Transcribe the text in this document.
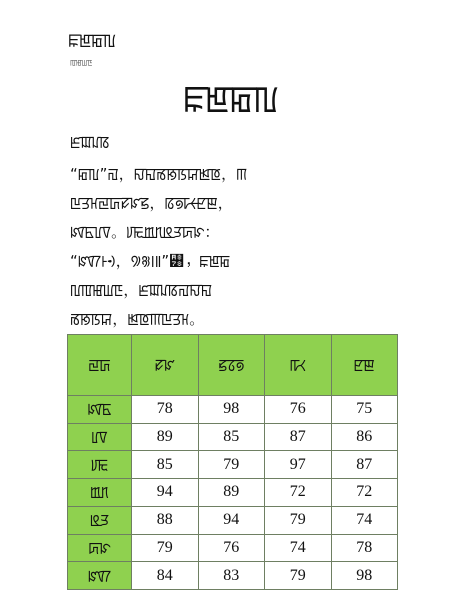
ꡀꡁꡂꡃ
ꡄꡅꡆꡇ
ꡀꡁꡂꡃ

ꡈꡉꡊꡋ

“ꡂꡃ”ꡌ，ꡍꡎꡏꡐꡑꡒꡓꡔ，ꡕ

ꡖꡗꡘꡙꡚꡛꡜꡝ，ꡞꡟꡠꡡꡢꡣ，

ꡤꡥꡦꡧ。ꡨꡩꡪꡫꡬꡭꡮꡯ：

“ꡰꡱꡲꡳ，꡴꡵꡶꡷”꡸，ꡀꡁꡂ

ꡃꡄꡅꡆꡇ，ꡈꡉꡊꡋꡌꡍꡎ

ꡏꡐꡑꡒ，ꡓꡔꡕꡖꡗꡘ。

ꡙꡚ	ꡛꡜ	ꡝꡞꡟ	ꡠꡡ	ꡢꡣ
ꡤꡥ	78	98	76	75
ꡦꡧ	89	85	87	86
ꡨꡩ	85	79	97	87
ꡪꡫ	94	89	72	72
ꡬꡭ	88	94	79	74
ꡮꡯ	79	76	74	78
ꡰꡱ	84	83	79	98
